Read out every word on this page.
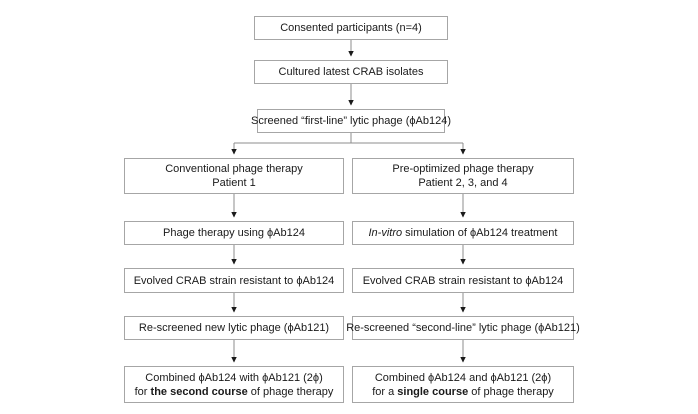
Consented participants (n=4)
Cultured latest CRAB isolates
Screened “first-line” lytic phage (ϕAb124)
Conventional phage therapy
Patient 1
Phage therapy using ϕAb124
Evolved CRAB strain resistant to ϕAb124
Re-screened new lytic phage (ϕAb121)
Combined ϕAb124 with ϕAb121 (2ϕ)
for the second course of phage therapy
Pre-optimized phage therapy
Patient 2, 3, and 4
In-vitro simulation of ϕAb124 treatment
Evolved CRAB strain resistant to ϕAb124
Re-screened “second-line” lytic phage (ϕAb121)
Combined ϕAb124 and ϕAb121 (2ϕ)
for a single course of phage therapy
